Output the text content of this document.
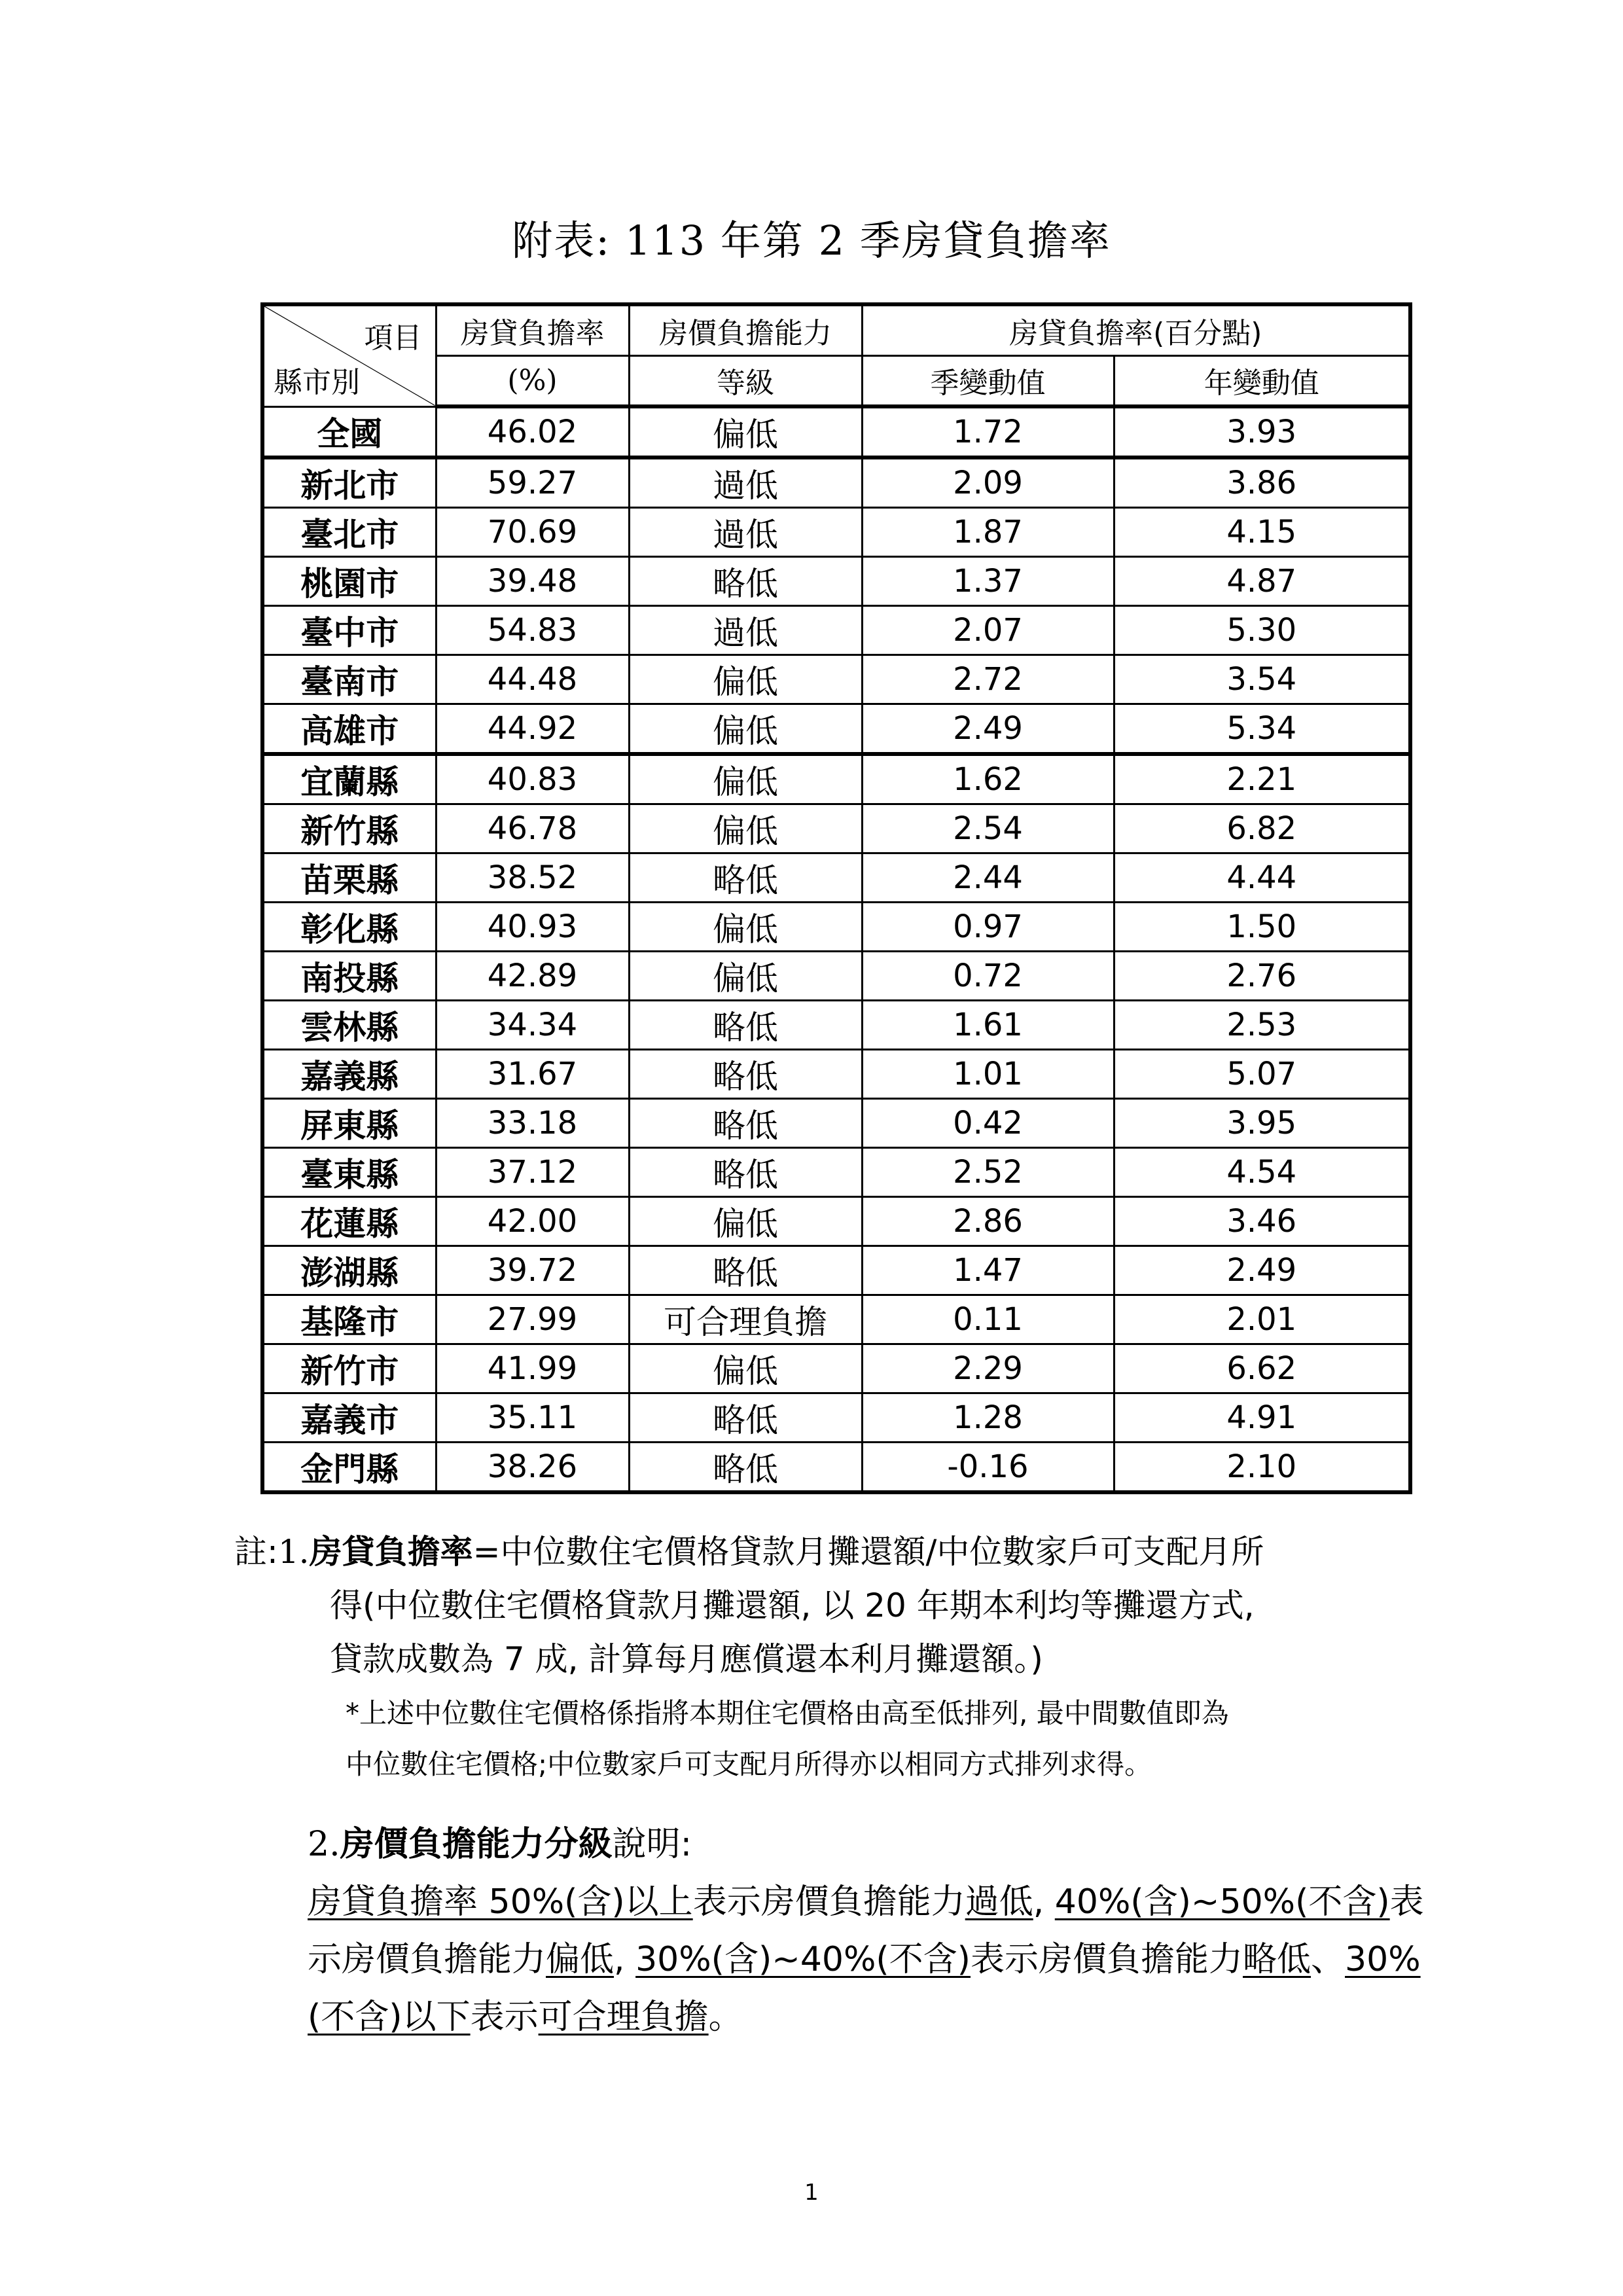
附表: 113 年第 2 季房貸負擔率
項目
縣市別	房貸負擔率	房價負擔能力	房貸負擔率(百分點)	
	(%)	等級	季變動值	年變動值
全國	46.02	偏低	1.72	3.93
新北市	59.27	過低	2.09	3.86
臺北市	70.69	過低	1.87	4.15
桃園市	39.48	略低	1.37	4.87
臺中市	54.83	過低	2.07	5.30
臺南市	44.48	偏低	2.72	3.54
高雄市	44.92	偏低	2.49	5.34
宜蘭縣	40.83	偏低	1.62	2.21
新竹縣	46.78	偏低	2.54	6.82
苗栗縣	38.52	略低	2.44	4.44
彰化縣	40.93	偏低	0.97	1.50
南投縣	42.89	偏低	0.72	2.76
雲林縣	34.34	略低	1.61	2.53
嘉義縣	31.67	略低	1.01	5.07
屏東縣	33.18	略低	0.42	3.95
臺東縣	37.12	略低	2.52	4.54
花蓮縣	42.00	偏低	2.86	3.46
澎湖縣	39.72	略低	1.47	2.49
基隆市	27.99	可合理負擔	0.11	2.01
新竹市	41.99	偏低	2.29	6.62
嘉義市	35.11	略低	1.28	4.91
金門縣	38.26	略低	-0.16	2.10
註:1.房貸負擔率=中位數住宅價格貸款月攤還額/中位數家戶可支配月所
得(中位數住宅價格貸款月攤還額, 以 20 年期本利均等攤還方式,
貸款成數為 7 成, 計算每月應償還本利月攤還額。)
*上述中位數住宅價格係指將本期住宅價格由高至低排列, 最中間數值即為
中位數住宅價格;中位數家戶可支配月所得亦以相同方式排列求得。
2.房價負擔能力分級說明:
房貸負擔率 50%(含)以上表示房價負擔能力過低, 40%(含)~50%(不含)表示房價負擔能力偏低, 30%(含)~40%(不含)表示房價負擔能力略低、30%(不含)以下表示可合理負擔。
1
